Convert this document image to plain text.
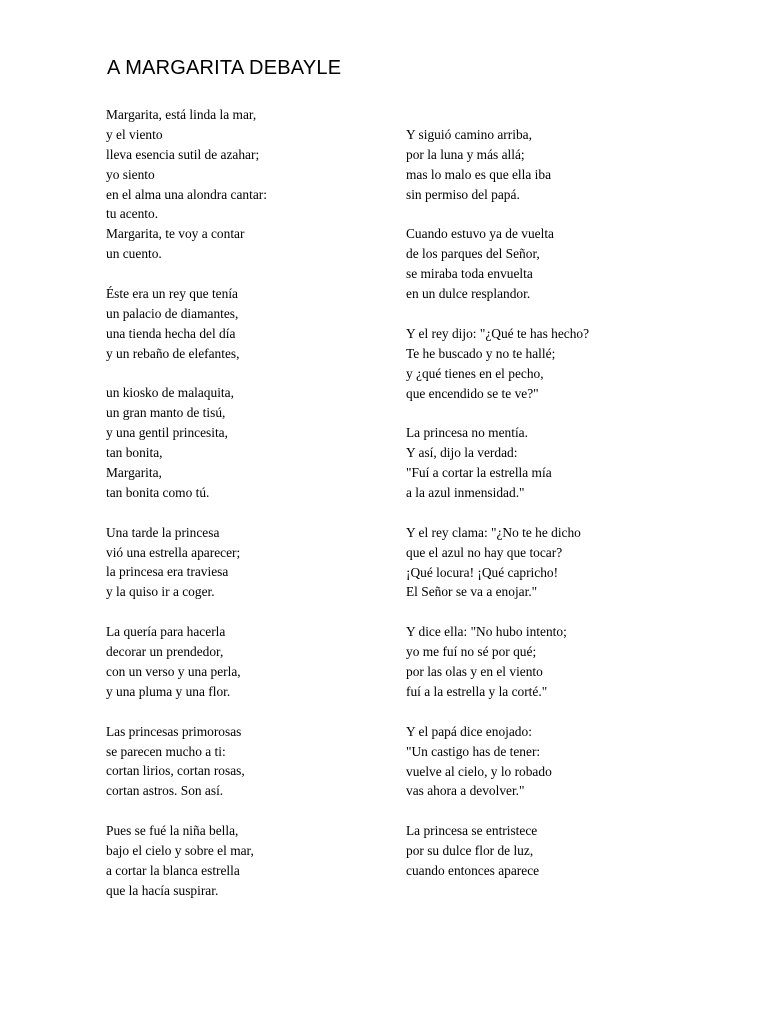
A MARGARITA DEBAYLE
Margarita, está linda la mar,
y el viento
lleva esencia sutil de azahar;
yo siento
en el alma una alondra cantar:
tu acento.
Margarita, te voy a contar
un cuento.
Éste era un rey que tenía
un palacio de diamantes,
una tienda hecha del día
y un rebaño de elefantes,
un kiosko de malaquita,
un gran manto de tisú,
y una gentil princesita,
tan bonita,
Margarita,
tan bonita como tú.
Una tarde la princesa
vió una estrella aparecer;
la princesa era traviesa
y la quiso ir a coger.
La quería para hacerla
decorar un prendedor,
con un verso y una perla,
y una pluma y una flor.
Las princesas primorosas
se parecen mucho a ti:
cortan lirios, cortan rosas,
cortan astros. Son así.
Pues se fué la niña bella,
bajo el cielo y sobre el mar,
a cortar la blanca estrella
que la hacía suspirar.
Y siguió camino arriba,
por la luna y más allá;
mas lo malo es que ella iba
sin permiso del papá.
Cuando estuvo ya de vuelta
de los parques del Señor,
se miraba toda envuelta
en un dulce resplandor.
Y el rey dijo: "¿Qué te has hecho?
Te he buscado y no te hallé;
y ¿qué tienes en el pecho,
que encendido se te ve?"
La princesa no mentía.
Y así, dijo la verdad:
"Fuí a cortar la estrella mía
a la azul inmensidad."
Y el rey clama: "¿No te he dicho
que el azul no hay que tocar?
¡Qué locura! ¡Qué capricho!
El Señor se va a enojar."
Y dice ella: "No hubo intento;
yo me fuí no sé por qué;
por las olas y en el viento
fuí a la estrella y la corté."
Y el papá dice enojado:
"Un castigo has de tener:
vuelve al cielo, y lo robado
vas ahora a devolver."
La princesa se entristece
por su dulce flor de luz,
cuando entonces aparece
